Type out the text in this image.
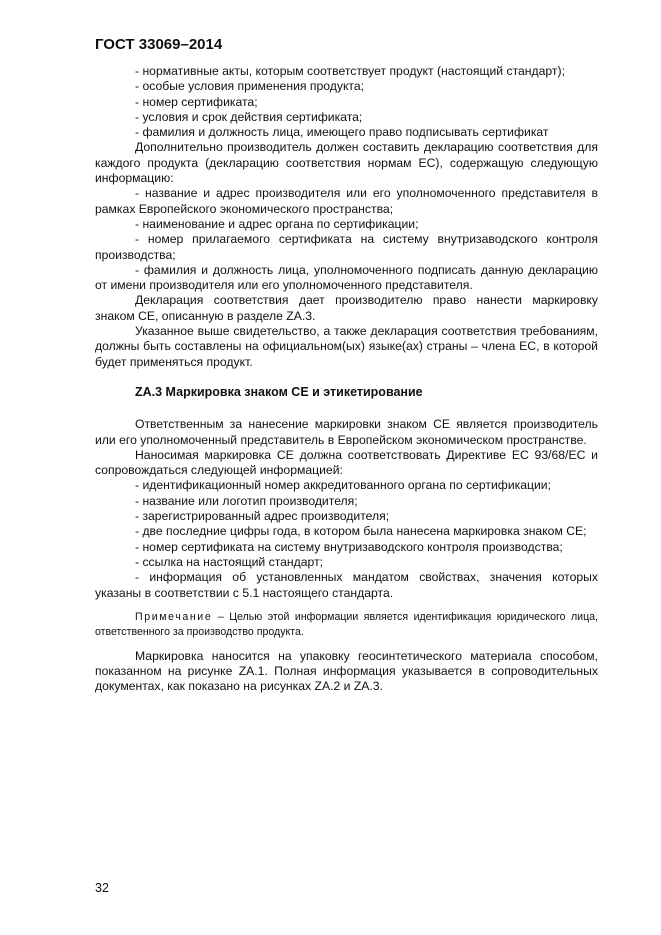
ГОСТ 33069–2014

- нормативные акты, которым соответствует продукт (настоящий стандарт);

- особые условия применения продукта;

- номер сертификата;

- условия и срок действия сертификата;

- фамилия и должность лица, имеющего право подписывать сертификат

Дополнительно производитель должен составить декларацию соответствия для каждого продукта (декларацию соответствия нормам ЕС), содержащую следующую информацию:

- название и адрес производителя или его уполномоченного представителя в рамках Европейского экономического пространства;

- наименование и адрес органа по сертификации;

- номер прилагаемого сертификата на систему внутризаводского контроля производства;

- фамилия и должность лица, уполномоченного подписать данную декларацию от имени производителя или его уполномоченного представителя.

Декларация соответствия дает производителю право нанести маркировку знаком СЕ, описанную в разделе ZA.3.

Указанное выше свидетельство, а также декларация соответствия требованиям, должны быть составлены на официальном(ых) языке(ах) страны – члена ЕС, в которой будет применяться продукт.

ZA.3 Маркировка знаком СЕ и этикетирование

Ответственным за нанесение маркировки знаком СЕ является производитель или его уполномоченный представитель в Европейском экономическом пространстве.

Наносимая маркировка СЕ должна соответствовать Директиве ЕС 93/68/ЕС и сопровождаться следующей информацией:

- идентификационный номер аккредитованного органа по сертификации;

- название или логотип производителя;

- зарегистрированный адрес производителя;

- две последние цифры года, в котором была нанесена маркировка знаком СЕ;

- номер сертификата на систему внутризаводского контроля производства;

- ссылка на настоящий стандарт;

- информация об установленных мандатом свойствах, значения которых указаны в соответствии с 5.1 настоящего стандарта.

Примечание – Целью этой информации является идентификация юридического лица, ответственного за производство продукта.

Маркировка наносится на упаковку геосинтетического материала способом, показанном на рисунке ZA.1. Полная информация указывается в сопроводительных документах, как показано на рисунках ZA.2 и ZA.3.

32
